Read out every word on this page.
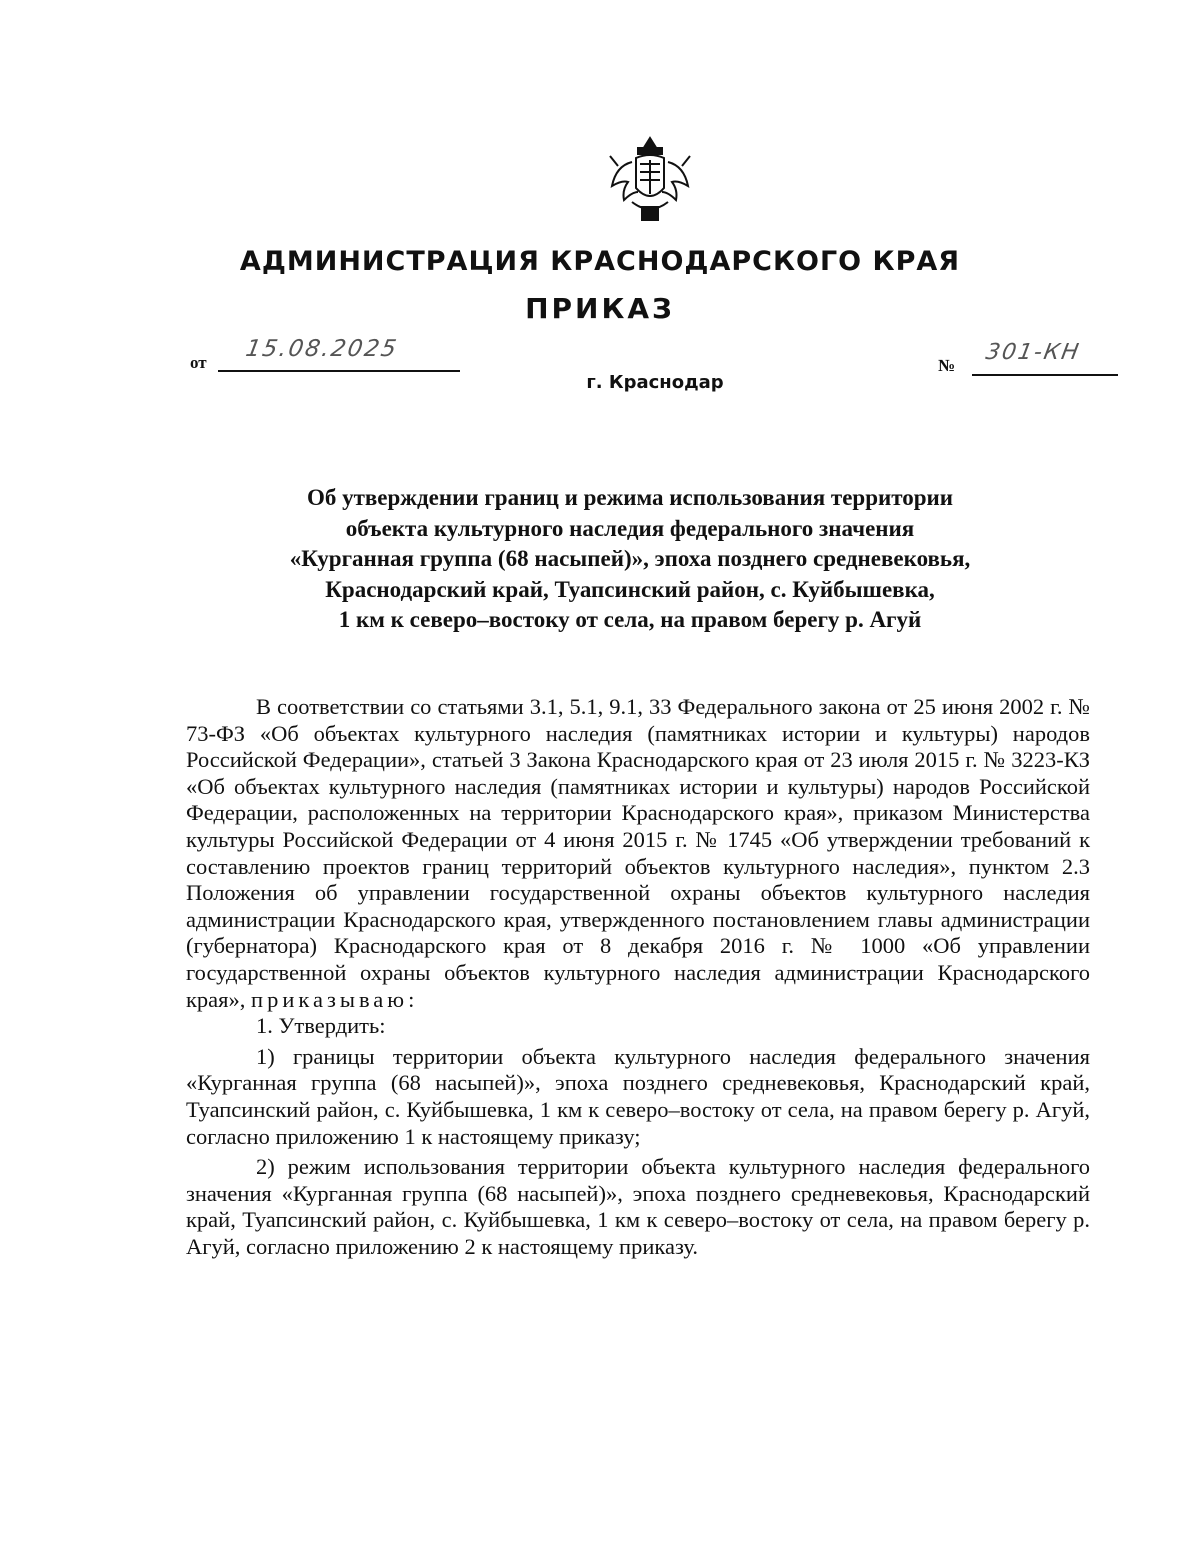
АДМИНИСТРАЦИЯ КРАСНОДАРСКОГО КРАЯ
ПРИКАЗ
от
15.08.2025
№
301-КН
г. Краснодар
Об утверждении границ и режима использования территории
объекта культурного наследия федерального значения
«Курганная группа (68 насыпей)», эпоха позднего средневековья,
Краснодарский край, Туапсинский район, с. Куйбышевка,
1 км к северо–востоку от села, на правом берегу р. Агуй

В соответствии со статьями 3.1, 5.1, 9.1, 33 Федерального закона от 25 июня 2002 г. № 73-ФЗ «Об объектах культурного наследия (памятниках истории и культуры) народов Российской Федерации», статьей 3 Закона Краснодарского края от 23 июля 2015 г. № 3223-КЗ «Об объектах культурного наследия (памятниках истории и культуры) народов Российской Федерации, расположенных на территории Краснодарского края», приказом Министерства культуры Российской Федерации от 4 июня 2015 г. № 1745 «Об утверждении требований к составлению проектов границ территорий объектов культурного наследия», пунктом 2.3 Положения об управлении государственной охраны объектов культурного наследия администрации Краснодарского края, утвержденного постановлением главы администрации (губернатора) Краснодарского края от 8 декабря 2016 г. № 1000 «Об управлении государственной охраны объектов культурного наследия администрации Краснодарского края», приказываю:

1. Утвердить:

1) границы территории объекта культурного наследия федерального значения «Курганная группа (68 насыпей)», эпоха позднего средневековья, Краснодарский край, Туапсинский район, с. Куйбышевка, 1 км к северо–востоку от села, на правом берегу р. Агуй, согласно приложению 1 к настоящему приказу;

2) режим использования территории объекта культурного наследия федерального значения «Курганная группа (68 насыпей)», эпоха позднего средневековья, Краснодарский край, Туапсинский район, с. Куйбышевка, 1 км к северо–востоку от села, на правом берегу р. Агуй, согласно приложению 2 к настоящему приказу.
